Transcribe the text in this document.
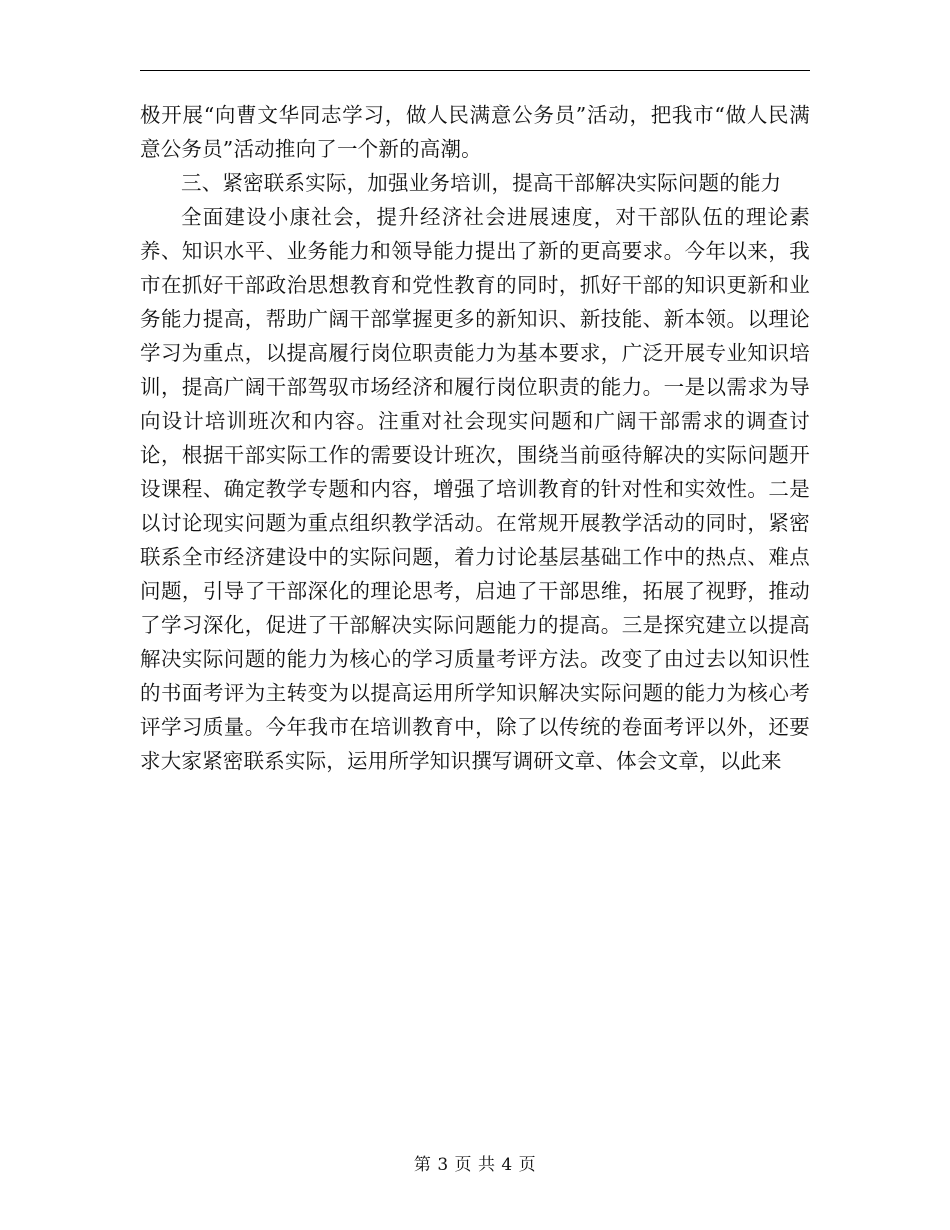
极开展“向曹文华同志学习，做人民满意公务员”活动，把我市“做人民满意公务员”活动推向了一个新的高潮。

三、紧密联系实际，加强业务培训，提高干部解决实际问题的能力

全面建设小康社会，提升经济社会进展速度，对干部队伍的理论素养、知识水平、业务能力和领导能力提出了新的更高要求。今年以来，我市在抓好干部政治思想教育和党性教育的同时，抓好干部的知识更新和业务能力提高，帮助广阔干部掌握更多的新知识、新技能、新本领。以理论学习为重点，以提高履行岗位职责能力为基本要求，广泛开展专业知识培训，提高广阔干部驾驭市场经济和履行岗位职责的能力。一是以需求为导向设计培训班次和内容。注重对社会现实问题和广阔干部需求的调查讨论，根据干部实际工作的需要设计班次，围绕当前亟待解决的实际问题开设课程、确定教学专题和内容，增强了培训教育的针对性和实效性。二是以讨论现实问题为重点组织教学活动。在常规开展教学活动的同时，紧密联系全市经济建设中的实际问题，着力讨论基层基础工作中的热点、难点问题，引导了干部深化的理论思考，启迪了干部思维，拓展了视野，推动了学习深化，促进了干部解决实际问题能力的提高。三是探究建立以提高解决实际问题的能力为核心的学习质量考评方法。改变了由过去以知识性的书面考评为主转变为以提高运用所学知识解决实际问题的能力为核心考评学习质量。今年我市在培训教育中，除了以传统的卷面考评以外，还要求大家紧密联系实际，运用所学知识撰写调研文章、体会文章，以此来

第 3 页 共 4 页
